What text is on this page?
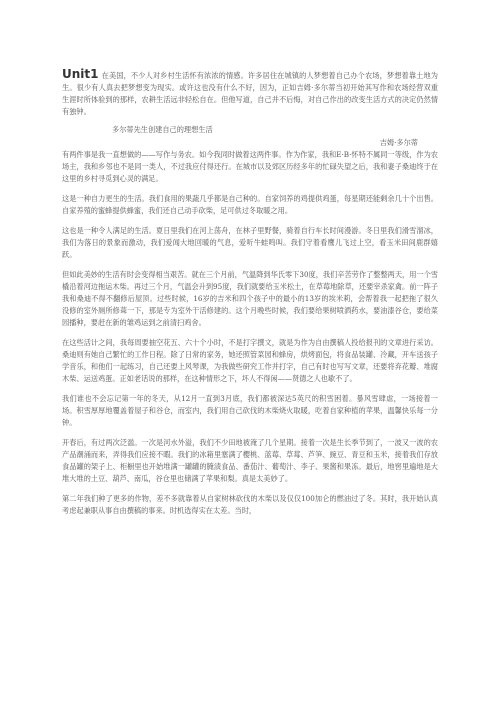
Unit1 在美国，不少人对乡村生活怀有浓浓的情感。许多居住在城镇的人梦想着自己办个农场，梦想着靠土地为生。很少有人真去把梦想变为现实。或许这也没有什么不好，因为，正如吉姆·多尔蒂当初开始其写作和农场经营双重生涯时所体验到的那样，农耕生活远非轻松自在。但他写道，自己并不后悔，对自己作出的改变生活方式的决定仍然情有独钟。

多尔蒂先生创建自己的理想生活
吉姆·多尔蒂

有两件事是我一直想做的——写作与务农。如今我同时做着这两件事。作为作家，我和E·B·怀特不属同一等级，作为农场主，我和乡邻也不是同一类人，不过我应付得还行。在城市以及郊区历经多年的忙碌失望之后，我和妻子桑迪终于在这里的乡村寻觅到心灵的满足。

这是一种自力更生的生活。我们食用的果蔬几乎都是自己种的。自家饲养的鸡提供鸡蛋，每星期还能剩余几十个出售。自家养殖的蜜蜂提供蜂蜜，我们还自己动手砍柴，足可供过冬取暖之用。

这也是一种令人满足的生活。夏日里我们在河上荡舟，在林子里野餐，骑着自行车长时间漫游。冬日里我们滑雪溜冰，我们为落日的景象而激动，我们爱闻大地回暖的气息，爱听牛蛙鸣叫。我们守着看鹰儿飞过上空，看玉米田间鹿群嬉跃。

但如此美妙的生活有时会变得相当艰苦。就在三个月前，气温降到华氏零下30度，我们辛苦劳作了整整两天，用一个雪橇沿着河边拖运木柴。再过三个月，气温会升到95度，我们就要给玉米松土，在草莓地除草，还要宰杀家禽。前一阵子我和桑迪不得不翻修后屋顶。过些时候，16岁的吉米和四个孩子中的最小的13岁的埃米莉，会帮着我一起把拖了很久没修的室外厕所修葺一下，那是专为室外干活修建的。这个月晚些时候，我们要给果树喷洒药水，要油漆谷仓，要给菜园播种，要赶在新的雏鸡运到之前清扫鸡舍。

在这些活计之间，我每周要抽空花五、六十个小时，不是打字撰文，就是为作为自由撰稿人投给报刊的文章进行采访。桑迪则有她自己繁忙的工作日程。除了日常的家务，她还照管菜园和蜂房，烘烤面包，将食品装罐、冷藏，开车送孩子学音乐，和他们一起练习，自己还要上风琴课，为我做些研究工作并打字，自己有时也写写文章，还要将弃花瓣、堆腐木柴、运送鸡蛋。正如老话说的那样，在这种情形之下，坏人不得闲——贤德之人也歇不了。

我们谁也不会忘记第一年的冬天，从12月一直到3月底，我们都被深达5英尺的积雪困着。暴风雪肆虐，一场接着一场。积雪厚厚地覆盖着屋子和谷仓，而室内，我们用自己砍伐的木柴烧火取暖，吃着自家种植的苹果，温馨快乐每一分钟。

开春后，有过两次泛滥。一次是河水外溢，我们不少田地被淹了几个星期。接着一次是生长季节到了，一波又一波的农产品潮涌而来，弄得我们应接不暇。我们的冰箱里塞满了樱桃、蓝莓、草莓、芦笋、豌豆、青豆和玉米，接着我们存放食品罐的架子上、柜橱里也开始堆满一罐罐的腌渍食品、番茄汁、葡萄汁、李子、果酱和果冻。最后，地窖里遍地是大堆大堆的土豆、葫芦、南瓜，谷仓里也储满了苹果和梨。真是太美妙了。

第二年我们种了更多的作物，差不多就靠着从自家树林砍伐的木柴以及仅仅100加仑的燃油过了冬。其时，我开始认真考虑起兼职从事自由撰稿的事来。时机选得实在太差。当时，
